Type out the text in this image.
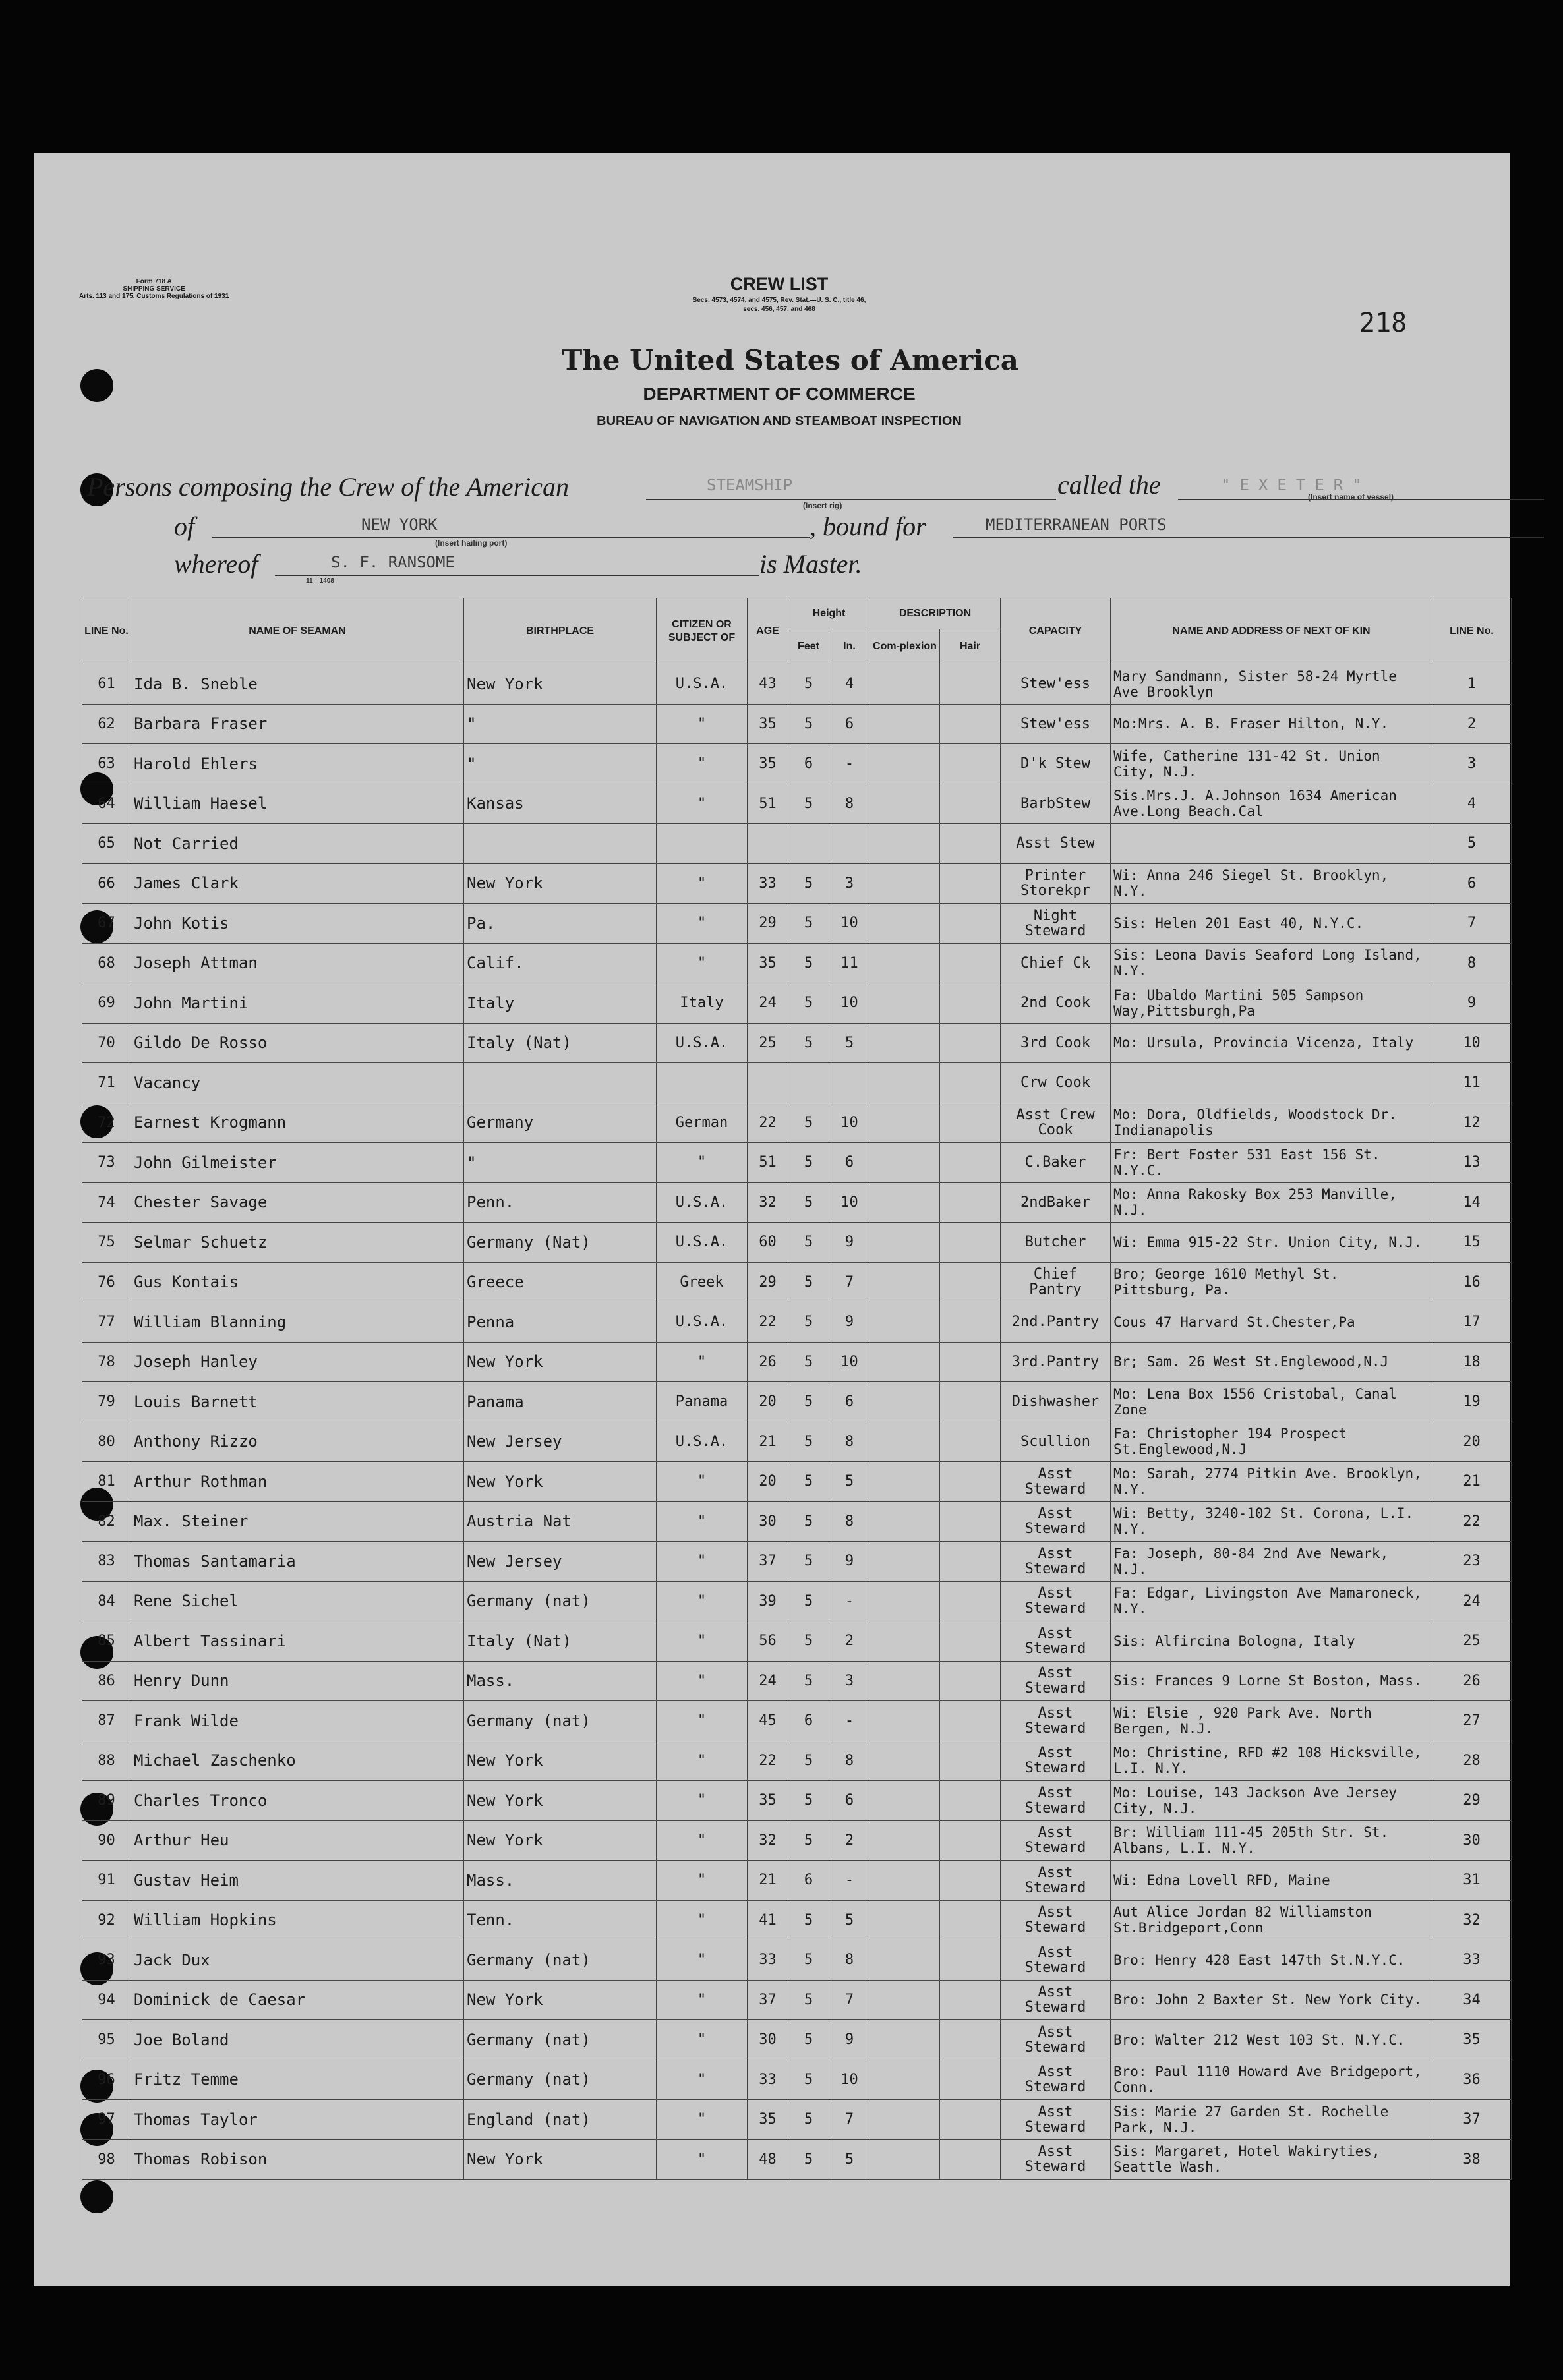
Form 718 A
SHIPPING SERVICE
Arts. 113 and 175, Customs Regulations of 1931
CREW LIST
Secs. 4573, 4574, and 4575, Rev. Stat.—U. S. C., title 46,
secs. 456, 457, and 468	218
The United States of America
DEPARTMENT OF COMMERCE
BUREAU OF NAVIGATION AND STEAMBOAT INSPECTION
Persons composing the Crew of the American	STEAMSHIP
(Insert rig)
called the	"EXETER"
(Insert name of vessel)
of	NEW YORK
(Insert hailing port)
, bound for	MEDITERRANEAN PORTS
whereof	S. F. RANSOME
11—1408
is Master.
LINE No.	NAME OF SEAMAN	BIRTHPLACE	CITIZEN OR SUBJECT OF	AGE	Height		DESCRIPTION		CAPACITY	NAME AND ADDRESS OF NEXT OF KIN	LINE No.
					Feet	In.	Com-plexion	Hair			
61	Ida B. Sneble	New York	U.S.A.	43	5	4			Stew'ess	Mary Sandmann, Sister 58-24 Myrtle Ave Brooklyn	1
62	Barbara Fraser	"	"	35	5	6			Stew'ess	Mo:Mrs. A. B. Fraser Hilton, N.Y.	2
63	Harold Ehlers	"	"	35	6	-			D'k Stew	Wife, Catherine 131-42 St. Union City, N.J.	3
64	William Haesel	Kansas	"	51	5	8			BarbStew	Sis.Mrs.J. A.Johnson 1634 American Ave.Long Beach.Cal	4
65	Not Carried								Asst Stew		5
66	James Clark	New York	"	33	5	3			Printer Storekpr	Wi: Anna 246 Siegel St. Brooklyn, N.Y.	6
67	John Kotis	Pa.	"	29	5	10			Night Steward	Sis: Helen 201 East 40, N.Y.C.	7
68	Joseph Attman	Calif.	"	35	5	11			Chief Ck	Sis: Leona Davis Seaford Long Island, N.Y.	8
69	John Martini	Italy	Italy	24	5	10			2nd Cook	Fa: Ubaldo Martini 505 Sampson Way,Pittsburgh,Pa	9
70	Gildo De Rosso	Italy (Nat)	U.S.A.	25	5	5			3rd Cook	Mo: Ursula, Provincia Vicenza, Italy	10
71	Vacancy								Crw Cook		11
72	Earnest Krogmann	Germany	German	22	5	10			Asst Crew Cook	Mo: Dora, Oldfields, Woodstock Dr. Indianapolis	12
73	John Gilmeister	"	"	51	5	6			C.Baker	Fr: Bert Foster 531 East 156 St. N.Y.C.	13
74	Chester Savage	Penn.	U.S.A.	32	5	10			2ndBaker	Mo: Anna Rakosky Box 253 Manville, N.J.	14
75	Selmar Schuetz	Germany (Nat)	U.S.A.	60	5	9			Butcher	Wi: Emma 915-22 Str. Union City, N.J.	15
76	Gus Kontais	Greece	Greek	29	5	7			Chief Pantry	Bro; George 1610 Methyl St. Pittsburg, Pa.	16
77	William Blanning	Penna	U.S.A.	22	5	9			2nd.Pantry	Cous 47 Harvard St.Chester,Pa	17
78	Joseph Hanley	New York	"	26	5	10			3rd.Pantry	Br; Sam. 26 West St.Englewood,N.J	18
79	Louis Barnett	Panama	Panama	20	5	6			Dishwasher	Mo: Lena Box 1556 Cristobal, Canal Zone	19
80	Anthony Rizzo	New Jersey	U.S.A.	21	5	8			Scullion	Fa: Christopher 194 Prospect St.Englewood,N.J	20
81	Arthur Rothman	New York	"	20	5	5			Asst Steward	Mo: Sarah, 2774 Pitkin Ave. Brooklyn, N.Y.	21
82	Max. Steiner	Austria Nat	"	30	5	8			Asst Steward	Wi: Betty, 3240-102 St. Corona, L.I. N.Y.	22
83	Thomas Santamaria	New Jersey	"	37	5	9			Asst Steward	Fa: Joseph, 80-84 2nd Ave Newark, N.J.	23
84	Rene Sichel	Germany (nat)	"	39	5	-			Asst Steward	Fa: Edgar, Livingston Ave Mamaroneck, N.Y.	24
85	Albert Tassinari	Italy (Nat)	"	56	5	2			Asst Steward	Sis: Alfircina Bologna, Italy	25
86	Henry Dunn	Mass.	"	24	5	3			Asst Steward	Sis: Frances 9 Lorne St Boston, Mass.	26
87	Frank Wilde	Germany (nat)	"	45	6	-			Asst Steward	Wi: Elsie , 920 Park Ave. North Bergen, N.J.	27
88	Michael Zaschenko	New York	"	22	5	8			Asst Steward	Mo: Christine, RFD #2 108 Hicksville, L.I. N.Y.	28
89	Charles Tronco	New York	"	35	5	6			Asst Steward	Mo: Louise, 143 Jackson Ave Jersey City, N.J.	29
90	Arthur Heu	New York	"	32	5	2			Asst Steward	Br: William 111-45 205th Str. St. Albans, L.I. N.Y.	30
91	Gustav Heim	Mass.	"	21	6	-			Asst Steward	Wi: Edna Lovell RFD, Maine	31
92	William Hopkins	Tenn.	"	41	5	5			Asst Steward	Aut Alice Jordan 82 Williamston St.Bridgeport,Conn	32
93	Jack Dux	Germany (nat)	"	33	5	8			Asst Steward	Bro: Henry 428 East 147th St.N.Y.C.	33
94	Dominick de Caesar	New York	"	37	5	7			Asst Steward	Bro: John 2 Baxter St. New York City.	34
95	Joe Boland	Germany (nat)	"	30	5	9			Asst Steward	Bro: Walter 212 West 103 St. N.Y.C.	35
96	Fritz Temme	Germany (nat)	"	33	5	10			Asst Steward	Bro: Paul 1110 Howard Ave Bridgeport, Conn.	36
97	Thomas Taylor	England (nat)	"	35	5	7			Asst Steward	Sis: Marie 27 Garden St. Rochelle Park, N.J.	37
98	Thomas Robison	New York	"	48	5	5			Asst Steward	Sis: Margaret, Hotel Wakiryties, Seattle Wash.	38
